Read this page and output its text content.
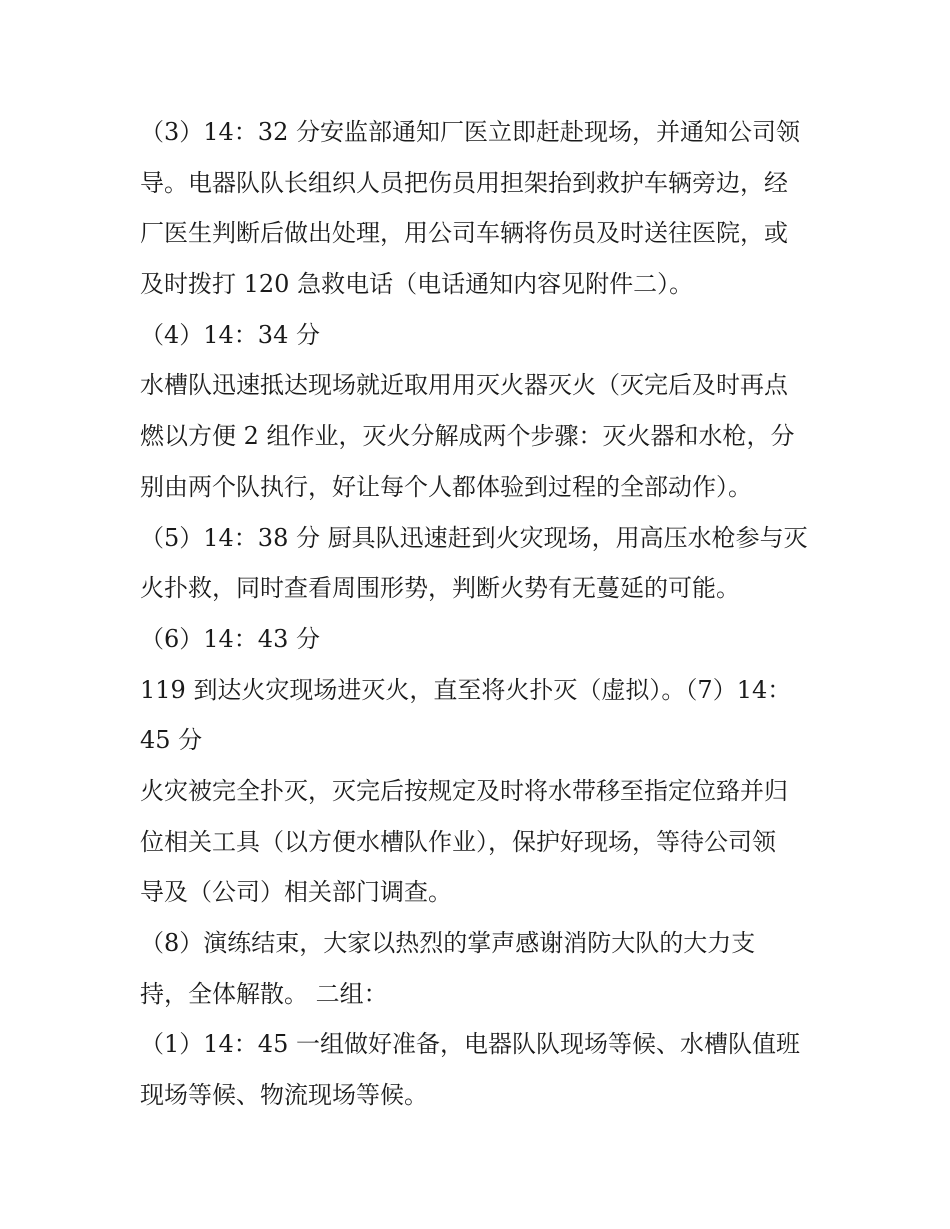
（3）14：32 分安监部通知厂医立即赶赴现场，并通知公司领
导。电器队队长组织人员把伤员用担架抬到救护车辆旁边，经
厂医生判断后做出处理，用公司车辆将伤员及时送往医院，或
及时拨打 120 急救电话（电话通知内容见附件二）。
（4）14：34 分
水槽队迅速抵达现场就近取用用灭火器灭火（灭完后及时再点
燃以方便 2 组作业，灭火分解成两个步骤：灭火器和水枪，分
别由两个队执行，好让每个人都体验到过程的全部动作）。
（5）14：38 分 厨具队迅速赶到火灾现场，用高压水枪参与灭
火扑救，同时查看周围形势，判断火势有无蔓延的可能。
（6）14：43 分
119 到达火灾现场进灭火，直至将火扑灭（虚拟）。（7）14：
45 分
火灾被完全扑灭，灭完后按规定及时将水带移至指定位臵并归
位相关工具（以方便水槽队作业），保护好现场，等待公司领
导及（公司）相关部门调查。
（8）演练结束，大家以热烈的掌声感谢消防大队的大力支
持，全体解散。 二组：
（1）14：45 一组做好准备，电器队队现场等候、水槽队值班
现场等候、物流现场等候。
